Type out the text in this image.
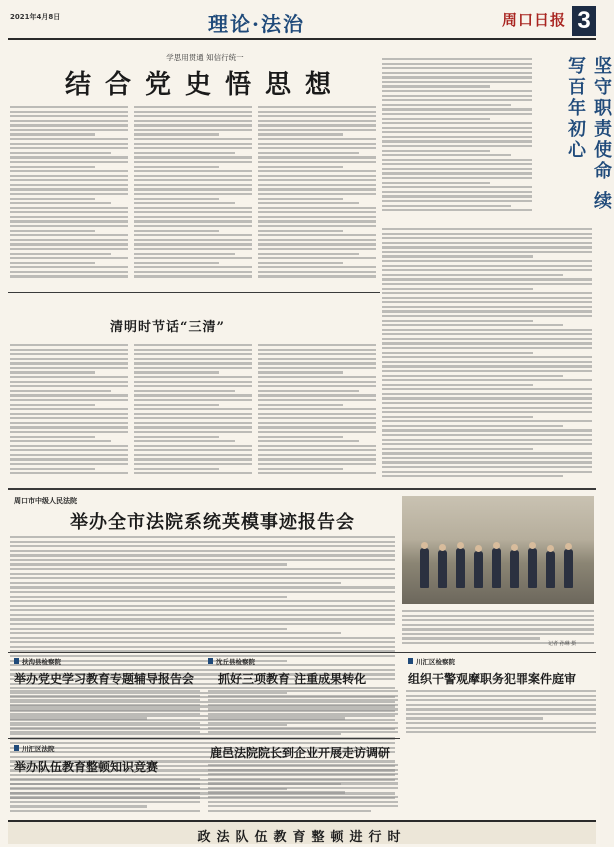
2021年4月8日	理论·法治	周口日报 3
学思用贯通 知信行统一
结合党史悟思想	坚守职责使命 续写百年初心
清明时节话“三清”
周口市中级人民法院
举办全市法院系统英模事迹报告会
记者 孙琳 摄
扶沟县检察院
举办党史学习教育专题辅导报告会
沈丘县检察院
抓好三项教育 注重成果转化
川汇区法院
举办队伍教育整顿知识竞赛
鹿邑法院院长到企业开展走访调研
川汇区检察院
组织干警观摩职务犯罪案件庭审
政法队伍教育整顿进行时
